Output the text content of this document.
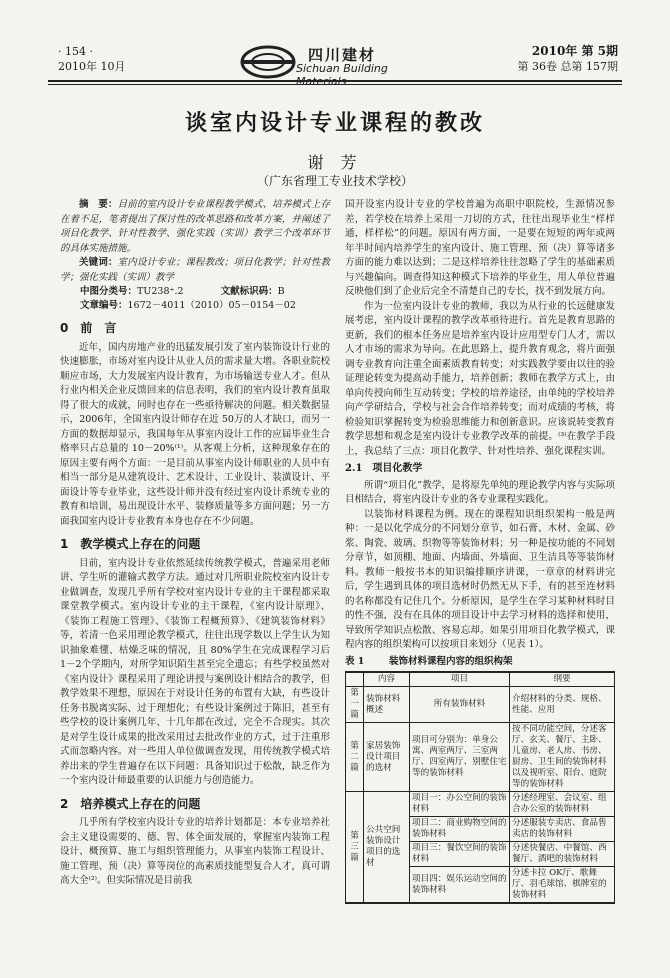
· 154 ·
2010年 10月
四川建材
Sichuan Building
2010年 第 5期
第 36卷 总第 157期
谈室内设计专业课程的教改
谢 芳
（广东省理工专业技术学校）

摘　要：目前的室内设计专业课程教学模式、培养模式上存在着不足，笔者提出了探讨性的改革思路和改革方案，并阐述了项目化教学、针对性教学、强化实践（实训）教学三个改革环节的具体实施措施。

关键词：室内设计专业；课程教改；项目化教学；针对性教学；强化实践（实训）教学

中图分类号：TU238⁺.2	文献标识码：B
文章编号：1672－4011（2010）05－0154－02
0　前　言

近年，国内房地产业的迅猛发展引发了室内装饰设计行业的快速膨胀，市场对室内设计从业人员的需求量大增。各职业院校顺应市场，大力发展室内设计教育，为市场输送专业人才。但从行业内相关企业反馈回来的信息表明，我们的室内设计教育虽取得了很大的成就，同时也存在一些亟待解决的问题。相关数据显示，2006年，全国室内设计师存在近 50万的人才缺口，而另一方面的数据却显示，我国每年从事室内设计工作的应届毕业生合格率只占总量的 10－20%⁽¹⁾。从客观上分析，这种现象存在的原因主要有两个方面：一是目前从事室内设计师职业的人员中有相当一部分是从建筑设计、艺术设计、工业设计、装潢设计、平面设计等专业毕业，这些设计师并没有经过室内设计系统专业的教育和培训，易出现设计水平、装修质量等多方面问题；另一方面我国室内设计专业教育本身也存在不少问题。

1　教学模式上存在的问题

目前，室内设计专业依然延续传统教学模式，普遍采用老师讲、学生听的灌输式教学方法。通过对几所职业院校室内设计专业做调查，发现几乎所有学校对室内设计专业的主干课程都采取课堂教学模式。室内设计专业的主干课程，《室内设计原理》、《装饰工程施工管理》、《装饰工程概预算》、《建筑装饰材料》等，若清一色采用理论教学模式，往往出现学数以上学生认为知识抽象难懂、枯燥乏味的情况，且 80%学生在完成课程学习后 1－2个学期内，对所学知识陌生甚至完全遗忘；有些学校虽然对《室内设计》课程采用了理论讲授与案例设计相结合的教学，但教学效果不理想，原因在于对设计任务的布置有大缺，有些设计任务书脱离实际、过于理想化；有些设计案例过于陈旧，甚至有些学校的设计案例几年、十几年都在改过，完全不合现实。其次是对学生设计成果的批改采用过去批改作业的方式，过于注重形式而忽略内容。对一些用人单位做调查发现，用传统教学模式培养出来的学生普遍存在以下问题：具备知识过于松散，缺乏作为一个室内设计师最重要的认识能力与创造能力。

2　培养模式上存在的问题

几乎所有学校室内设计专业的培养计划都是：本专业培养社会主义建设需要的、德、智、体全面发展的，掌握室内装饰工程设计、概预算、施工与组织管理能力，从事室内装饰工程设计、施工管理、预（决）算等岗位的高素质技能型复合人才，真可谓高大全⁽²⁾。但实际情况是目前我

国开设室内设计专业的学校普遍为高职中职院校，生源情况参差，若学校在培养上采用一刀切的方式，往往出现毕业生“样样通，样样松”的问题。原因有两方面，一是要在短短的两年或两年半时间内培养学生的室内设计、施工管理、预（决）算等诸多方面的能力难以达到；二是这样培养往往忽略了学生的基础素质与兴趣偏向。调查得知这种模式下培养的毕业生，用人单位普遍反映他们到了企业后完全不清楚自己的专长，找不到发展方向。

作为一位室内设计专业的教师，我以为从行业的长远健康发展考虑，室内设计课程的教学改革亟待进行。首先是教育思路的更新，我们的根本任务应是培养室内设计应用型专门人才，需以人才市场的需求为导向。在此思路上，提升教育观念，将片面强调专业教育向注重全面素质教育转变；对实践教学要由以往的验证理论转变为提高动手能力，培养创新；教师在教学方式上，由单向传授向师生互动转变；学校的培养途径，由单纯的学校培养向产学研结合，学校与社会合作培养转变；而对成绩的考核，将检验知识掌握转变为检验思维能力和创新意识。应该说转变教育教学思想和观念是室内设计专业教学改革的前提。⁽³⁾在教学手段上，我总结了三点：项目化教学、针对性培养、强化课程实训。

2.1　项目化教学

所谓“项目化”教学，是将原先单纯的理论教学内容与实际项目相结合，将室内设计专业的各专业课程实践化。

以装饰材料课程为例。现在的课程知识组织架构一般是两种：一是以化学成分的不同划分章节，如石膏、木材、金属、砂浆、陶瓷、玻璃、织物等等装饰材料；另一种是按功能的不同划分章节，如顶棚、地面、内墙面、外墙面、卫生洁具等等装饰材料。教师一般按书本的知识编排顺序讲课，一章章的材料讲完后，学生遇到具体的项目选材时仍然无从下手，有的甚至连材料的名称都没有记住几个。分析原因，是学生在学习某种材料时目的性不强，没有在具体的项目设计中去学习材料的选择和使用，导致所学知识点松散、容易忘却。如果引用项目化教学模式，课程内容的组织架构可以按项目来划分（见表 1）。

表 1	装饰材料课程内容的组织构架
	内容	项目	纲要
第一篇	装饰材料概述	所有装饰材料	介绍材料的分类、规格、性能、应用
第二篇	家居装饰设计项目的选材	项目可分别为：单身公寓、两室两厅、三室两厅、四室两厅、别墅住宅等的装饰材料	按不同功能空间，分述客厅、玄关、餐厅、主卧、儿童房、老人房、书房、厨房、卫生间的装饰材料以及视听室、阳台、庭院等的装饰材料
第三篇	公共空间装饰设计项目的选材	项目一：办公空间的装饰材料	分述经理室、会议室、组合办公室的装饰材料
		项目二：商业购物空间的装饰材料	分述服装专卖店、食品售卖店的装饰材料
		项目三：餐饮空间的装饰材料	分述快餐店、中餐馆、西餐厅、酒吧的装饰材料
		项目四：娱乐运动空间的装饰材料	分述卡拉 OK厅、歌舞厅、羽毛球馆、棋牌室的装饰材料
